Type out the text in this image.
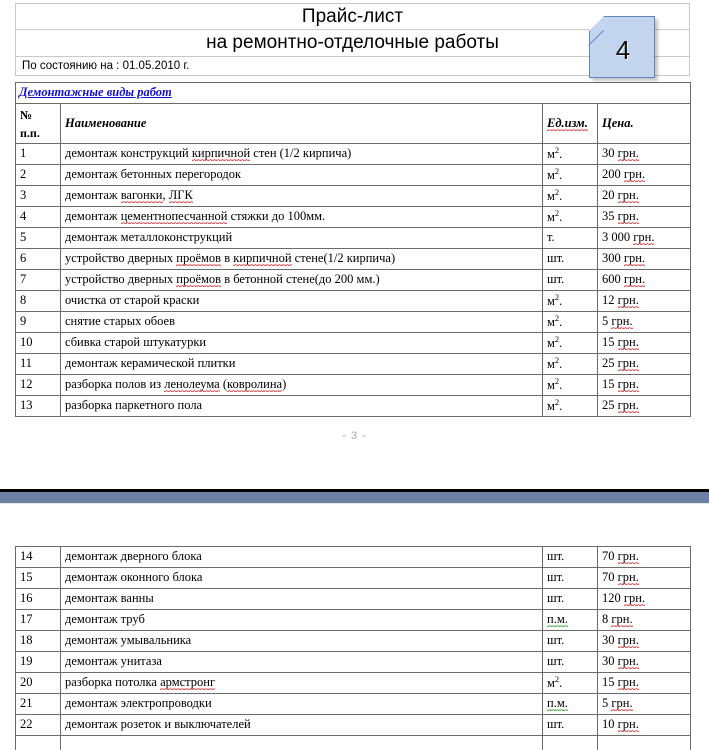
Прайс-лист
на ремонтно-отделочные работы
По состоянию на : 01.05.2010 г.
Демонтажные виды работ			
№
п.п.	Наименование	Ед.изм.	Цена.
1	демонтаж конструкций кирпичной стен (1/2 кирпича)	$м^2$.	30 грн.
2	демонтаж бетонных перегородок	$м^2$.	200 грн.
3	демонтаж вагонки, ЛГК	$м^2$.	20 грн.
4	демонтаж цементнопесчанной стяжки до 100мм.	$м^2$.	35 грн.
5	демонтаж металлоконструкций	т.	3 000 грн.
6	устройство дверных проёмов в кирпичной стене(1/2 кирпича)	шт.	300 грн.
7	устройство дверных проёмов в бетонной стене(до 200 мм.)	шт.	600 грн.
8	очистка от старой краски	$м^2$.	12 грн.
9	снятие старых обоев	$м^2$.	5 грн.
10	сбивка старой штукатурки	$м^2$.	15 грн.
11	демонтаж керамической плитки	$м^2$.	25 грн.
12	разборка полов из ленолеума (ковролина)	$м^2$.	15 грн.
13	разборка паркетного пола	$м^2$.	25 грн.
- 3 -
14	демонтаж дверного блока	шт.	70 грн.
15	демонтаж оконного блока	шт.	70 грн.
16	демонтаж ванны	шт.	120 грн.
17	демонтаж труб	п.м.	8 грн.
18	демонтаж умывальника	шт.	30 грн.
19	демонтаж унитаза	шт.	30 грн.
20	разборка потолка армстронг	$м^2$.	15 грн.
21	демонтаж электропроводки	п.м.	5 грн.
22	демонтаж розеток и выключателей	шт.	10 грн.

4
